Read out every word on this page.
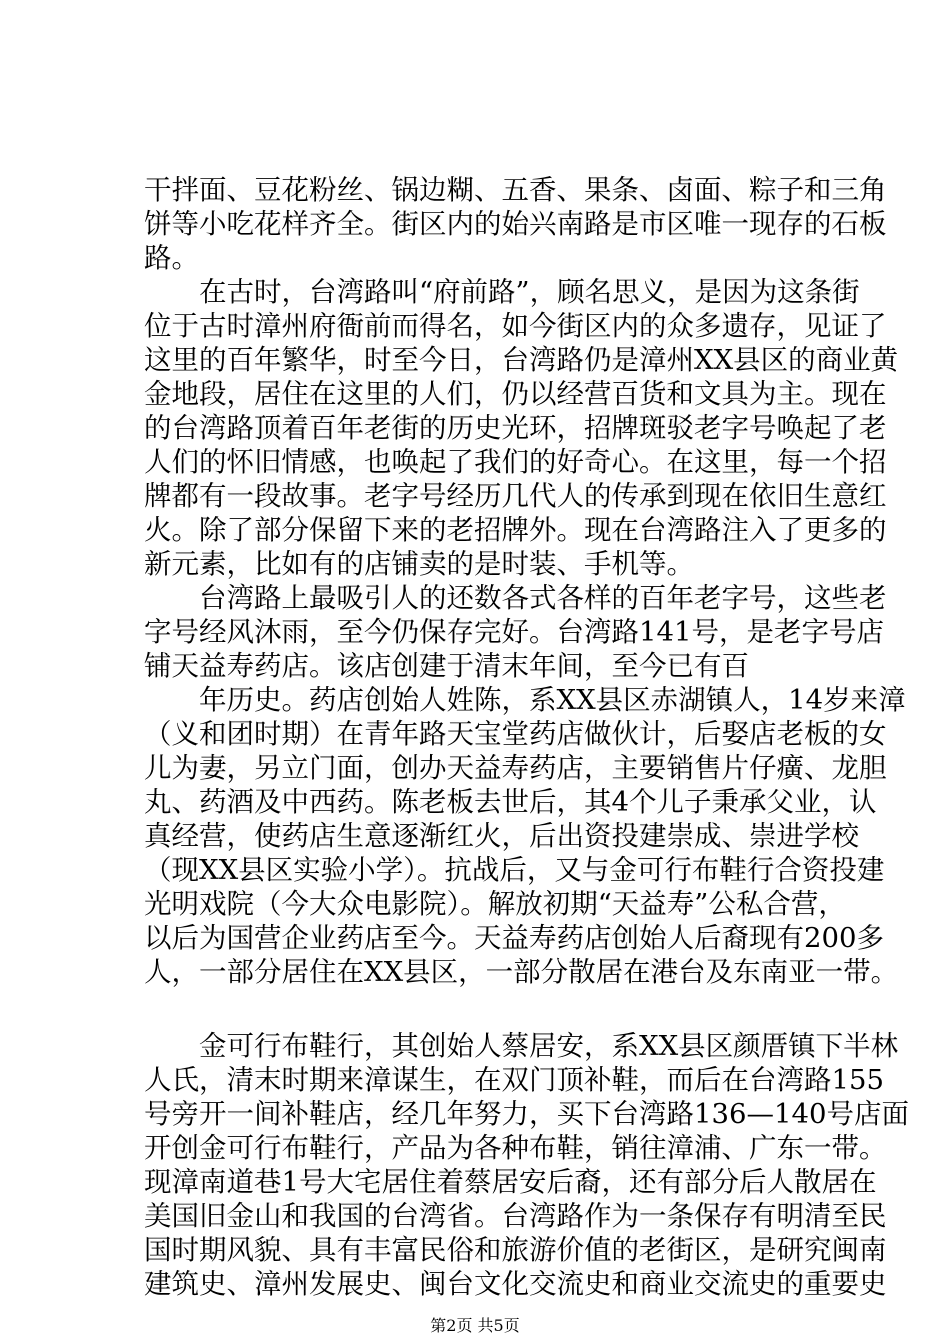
干拌面、豆花粉丝、锅边糊、五香、果条、卤面、粽子和三角
饼等小吃花样齐全。街区内的始兴南路是市区唯一现存的石板
路。
　　在古时，台湾路叫“府前路”，顾名思义，是因为这条街
位于古时漳州府衙前而得名，如今街区内的众多遗存，见证了
这里的百年繁华，时至今日，台湾路仍是漳州XX县区的商业黄
金地段，居住在这里的人们，仍以经营百货和文具为主。现在
的台湾路顶着百年老街的历史光环，招牌斑驳老字号唤起了老
人们的怀旧情感，也唤起了我们的好奇心。在这里，每一个招
牌都有一段故事。老字号经历几代人的传承到现在依旧生意红
火。除了部分保留下来的老招牌外。现在台湾路注入了更多的
新元素，比如有的店铺卖的是时装、手机等。
　　台湾路上最吸引人的还数各式各样的百年老字号，这些老
字号经风沐雨，至今仍保存完好。台湾路141号，是老字号店
铺天益寿药店。该店创建于清末年间，至今已有百
　　年历史。药店创始人姓陈，系XX县区赤湖镇人，14岁来漳
（义和团时期）在青年路天宝堂药店做伙计，后娶店老板的女
儿为妻，另立门面，创办天益寿药店，主要销售片仔癀、龙胆
丸、药酒及中西药。陈老板去世后，其4个儿子秉承父业，认
真经营，使药店生意逐渐红火，后出资投建崇成、崇进学校
（现XX县区实验小学）。抗战后，又与金可行布鞋行合资投建
光明戏院（今大众电影院）。解放初期“天益寿”公私合营，
以后为国营企业药店至今。天益寿药店创始人后裔现有200多
人，一部分居住在XX县区，一部分散居在港台及东南亚一带。
　　金可行布鞋行，其创始人蔡居安，系XX县区颜厝镇下半林
人氏，清末时期来漳谋生，在双门顶补鞋，而后在台湾路155
号旁开一间补鞋店，经几年努力，买下台湾路136—140号店面
开创金可行布鞋行，产品为各种布鞋，销往漳浦、广东一带。
现漳南道巷1号大宅居住着蔡居安后裔，还有部分后人散居在
美国旧金山和我国的台湾省。台湾路作为一条保存有明清至民
国时期风貌、具有丰富民俗和旅游价值的老街区，是研究闽南
建筑史、漳州发展史、闽台文化交流史和商业交流史的重要史
第2页 共5页
